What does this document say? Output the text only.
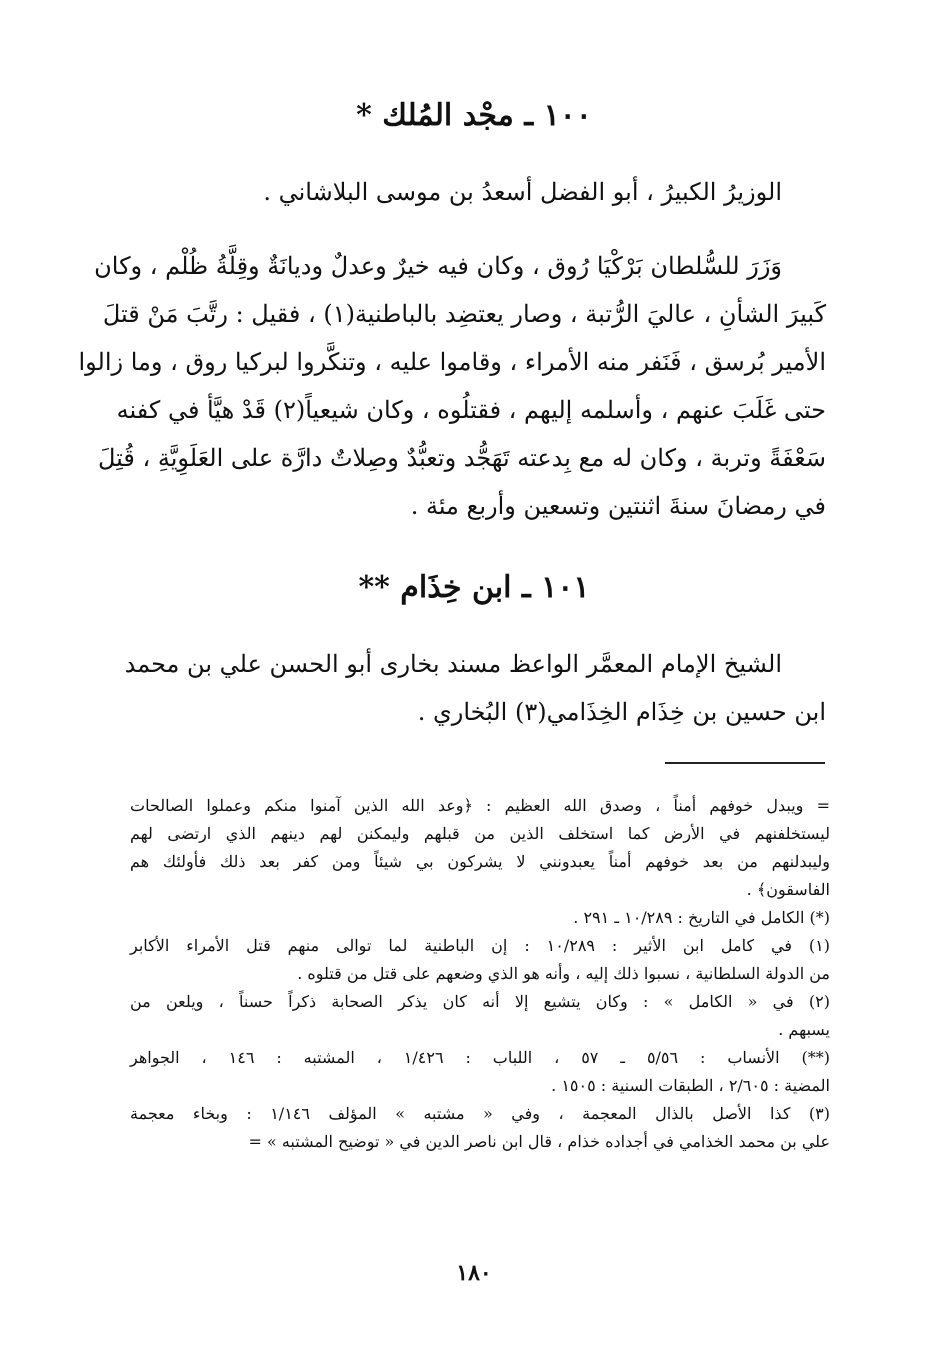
١٠٠ ـ مجْد المُلك *
الوزيرُ الكبيرُ ، أبو الفضل أسعدُ بن موسى البلاشاني .
وَزَرَ للسُّلطان بَرْكْيَا رُوق ، وكان فيه خيرٌ وعدلٌ وديانَةٌ وقِلَّةُ ظُلْم ، وكان
كَبيرَ الشأنِ ، عاليَ الرُّتبة ، وصار يعتضِد بالباطنية(١) ، فقيل : رتَّبَ مَنْ قتلَ
الأمير بُرسق ، فَنَفر منه الأمراء ، وقاموا عليه ، وتنكَّروا لبركيا روق ، وما زالوا
حتى غَلَبَ عنهم ، وأسلمه إليهم ، فقتلُوه ، وكان شيعياً(٢) قَدْ هيَّأ في كفنه
سَعْفَةً وتربة ، وكان له مع بِدعته تَهَجُّد وتعبُّدٌ وصِلاتٌ دارَّة على العَلَوِيَّةِ ، قُتِلَ
في رمضانَ سنةَ اثنتين وتسعين وأربع مئة .
١٠١ ـ ابن خِذَام **
الشيخ الإمام المعمَّر الواعظ مسند بخارى أبو الحسن علي بن محمد
ابن حسين بن خِذَام الخِذَامي(٣) البُخاري .
= ويبدل خوفهم أمناً ، وصدق الله العظيم : ﴿وعد الله الذين آمنوا منكم وعملوا الصالحات
ليستخلفنهم في الأرض كما استخلف الذين من قبلهم وليمكنن لهم دينهم الذي ارتضى لهم
وليبدلنهم من بعد خوفهم أمناً يعبدونني لا يشركون بي شيئاً ومن كفر بعد ذلك فأولئك هم
الفاسقون﴾ .
(*) الكامل في التاريخ : ١٠/٢٨٩ ـ ٢٩١ .
(١) في كامل ابن الأثير : ١٠/٢٨٩ : إن الباطنية لما توالى منهم قتل الأمراء الأكابر
من الدولة السلطانية ، نسبوا ذلك إليه ، وأنه هو الذي وضعهم على قتل من قتلوه .
(٢) في « الكامل » : وكان يتشيع إلا أنه كان يذكر الصحابة ذكراً حسناً ، ويلعن من
يسبهم .
(**) الأنساب : ٥/٥٦ ـ ٥٧ ، اللباب : ١/٤٢٦ ، المشتبه : ١٤٦ ، الجواهر
المضية : ٢/٦٠٥ ، الطبقات السنية : ١٥٠٥ .
(٣) كذا الأصل بالذال المعجمة ، وفي « مشتبه » المؤلف ١/١٤٦ : وبخاء معجمة
علي بن محمد الخذامي في أجداده خذام ، قال ابن ناصر الدين في « توضيح المشتبه » =
١٨٠
